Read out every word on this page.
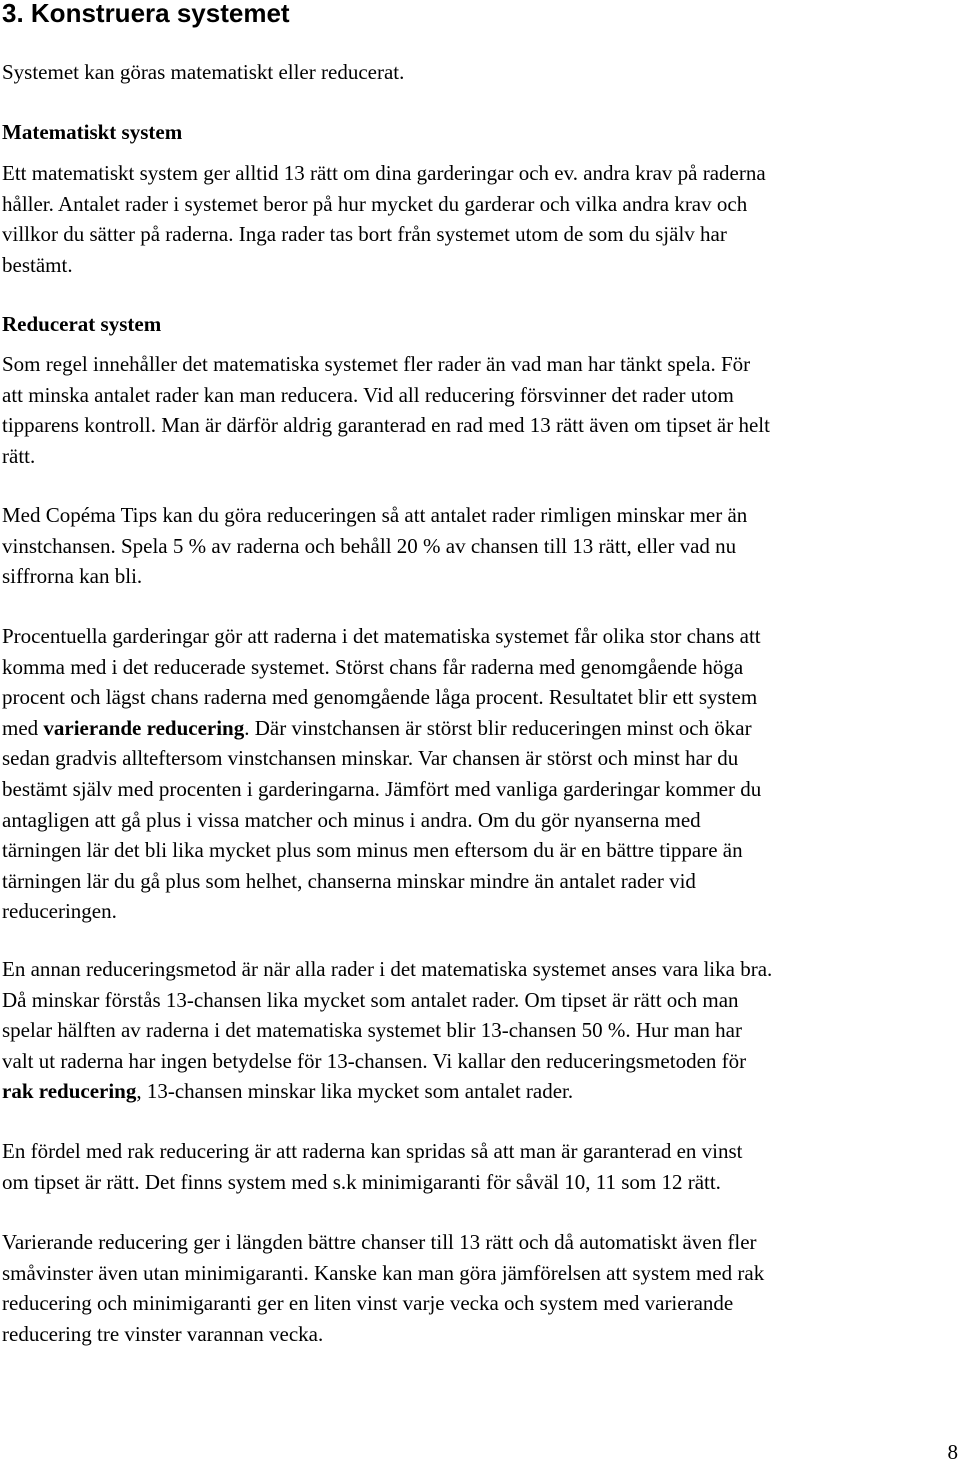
3. Konstruera systemet

Systemet kan göras matematiskt eller reducerat.

Matematiskt system

Ett matematiskt system ger alltid 13 rätt om dina garderingar och ev. andra krav på raderna
håller. Antalet rader i systemet beror på hur mycket du garderar och vilka andra krav och
villkor du sätter på raderna. Inga rader tas bort från systemet utom de som du själv har
bestämt.

Reducerat system

Som regel innehåller det matematiska systemet fler rader än vad man har tänkt spela. För
att minska antalet rader kan man reducera. Vid all reducering försvinner det rader utom
tipparens kontroll. Man är därför aldrig garanterad en rad med 13 rätt även om tipset är helt
rätt.

Med Copéma Tips kan du göra reduceringen så att antalet rader rimligen minskar mer än
vinstchansen. Spela 5 % av raderna och behåll 20 % av chansen till 13 rätt, eller vad nu
siffrorna kan bli.

Procentuella garderingar gör att raderna i det matematiska systemet får olika stor chans att
komma med i det reducerade systemet. Störst chans får raderna med genomgående höga
procent och lägst chans raderna med genomgående låga procent. Resultatet blir ett system
med varierande reducering. Där vinstchansen är störst blir reduceringen minst och ökar
sedan gradvis allteftersom vinstchansen minskar. Var chansen är störst och minst har du
bestämt själv med procenten i garderingarna. Jämfört med vanliga garderingar kommer du
antagligen att gå plus i vissa matcher och minus i andra. Om du gör nyanserna med
tärningen lär det bli lika mycket plus som minus men eftersom du är en bättre tippare än
tärningen lär du gå plus som helhet, chanserna minskar mindre än antalet rader vid
reduceringen.

En annan reduceringsmetod är när alla rader i det matematiska systemet anses vara lika bra.
Då minskar förstås 13-chansen lika mycket som antalet rader. Om tipset är rätt och man
spelar hälften av raderna i det matematiska systemet blir 13-chansen 50 %. Hur man har
valt ut raderna har ingen betydelse för 13-chansen. Vi kallar den reduceringsmetoden för
rak reducering, 13-chansen minskar lika mycket som antalet rader.

En fördel med rak reducering är att raderna kan spridas så att man är garanterad en vinst
om tipset är rätt. Det finns system med s.k minimigaranti för såväl 10, 11 som 12 rätt.

Varierande reducering ger i längden bättre chanser till 13 rätt och då automatiskt även fler
småvinster även utan minimigaranti. Kanske kan man göra jämförelsen att system med rak
reducering och minimigaranti ger en liten vinst varje vecka och system med varierande
reducering tre vinster varannan vecka.

8
